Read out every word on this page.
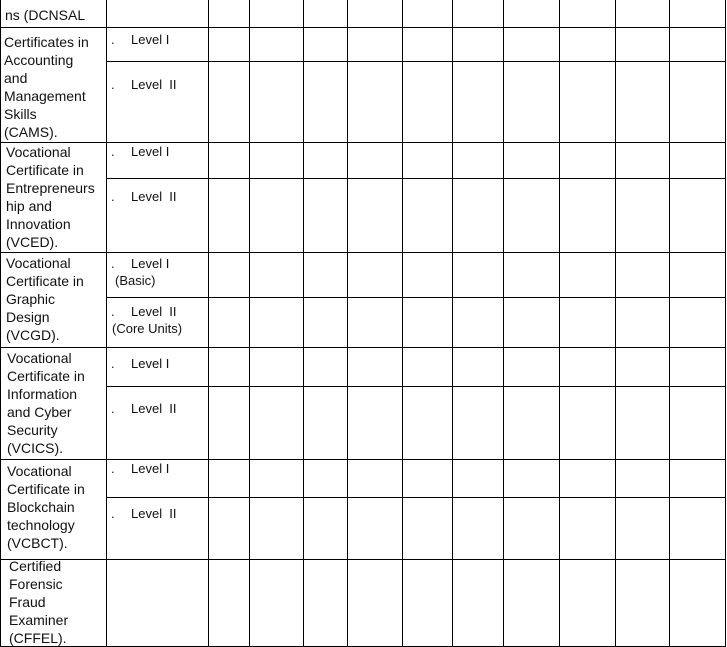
ns (DCNSAL
Certificates in
Accounting
and
Management
Skills
(CAMS).
. Level I
. Level  II
Vocational
Certificate in
Entrepreneurs
hip and
Innovation
(VCED).
. Level I
. Level  II
Vocational
Certificate in
Graphic
Design
(VCGD).
. Level I
(Basic)
. Level  II
(Core Units)
Vocational
Certificate in
Information
and Cyber
Security
(VCICS).
. Level I
. Level  II
Vocational
Certificate in
Blockchain
technology
(VCBCT).
. Level I
. Level  II
Certified
Forensic
Fraud
Examiner
(CFFEL).
